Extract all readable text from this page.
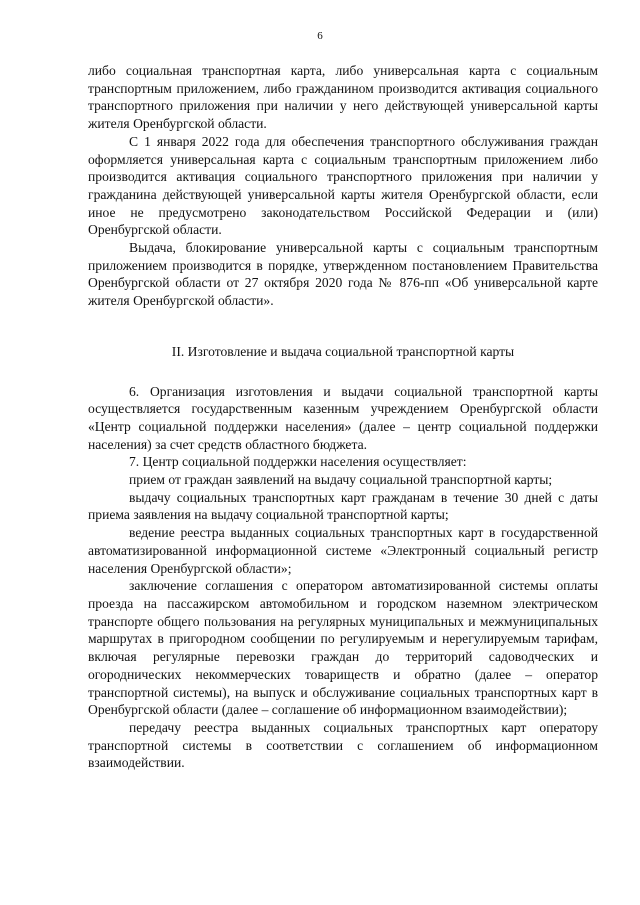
6

либо социальная транспортная карта, либо универсальная карта с социальным транспортным приложением, либо гражданином производится активация социального транспортного приложения при наличии у него действующей универсальной карты жителя Оренбургской области.

С 1 января 2022 года для обеспечения транспортного обслуживания граждан оформляется универсальная карта с социальным транспортным приложением либо производится активация социального транспортного приложения при наличии у гражданина действующей универсальной карты жителя Оренбургской области, если иное не предусмотрено законодательством Российской Федерации и (или) Оренбургской области.

Выдача, блокирование универсальной карты с социальным транспортным приложением производится в порядке, утвержденном постановлением Правительства Оренбургской области от 27 октября 2020 года № 876-пп «Об универсальной карте жителя Оренбургской области».

II. Изготовление и выдача социальной транспортной карты

6. Организация изготовления и выдачи социальной транспортной карты осуществляется государственным казенным учреждением Оренбургской области «Центр социальной поддержки населения» (далее – центр социальной поддержки населения) за счет средств областного бюджета.

7. Центр социальной поддержки населения осуществляет:

прием от граждан заявлений на выдачу социальной транспортной карты;

выдачу социальных транспортных карт гражданам в течение 30 дней с даты приема заявления на выдачу социальной транспортной карты;

ведение реестра выданных социальных транспортных карт в государственной автоматизированной информационной системе «Электронный социальный регистр населения Оренбургской области»;

заключение соглашения с оператором автоматизированной системы оплаты проезда на пассажирском автомобильном и городском наземном электрическом транспорте общего пользования на регулярных муниципальных и межмуниципальных маршрутах в пригородном сообщении по регулируемым и нерегулируемым тарифам, включая регулярные перевозки граждан до территорий садоводческих и огороднических некоммерческих товариществ и обратно (далее – оператор транспортной системы), на выпуск и обслуживание социальных транспортных карт в Оренбургской области (далее – соглашение об информационном взаимодействии);

передачу реестра выданных социальных транспортных карт оператору транспортной системы в соответствии с соглашением об информационном взаимодействии.
